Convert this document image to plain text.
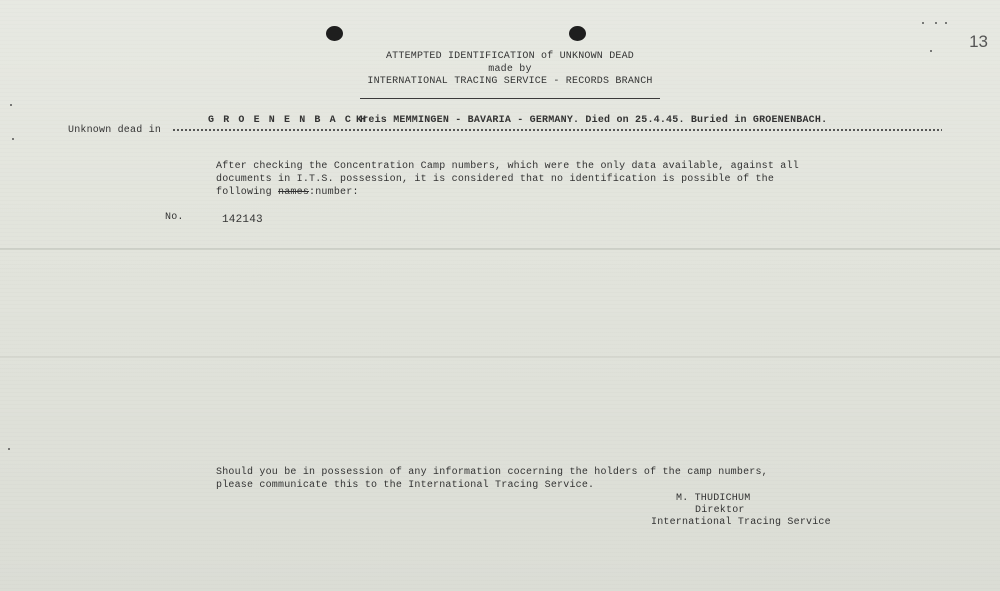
13
ATTEMPTED IDENTIFICATION of UNKNOWN DEAD
made by
INTERNATIONAL TRACING SERVICE - RECORDS BRANCH
Unknown dead in
G R O E N E N B A C H
Kreis MEMMINGEN - BAVARIA - GERMANY. Died on 25.4.45. Buried in GROENENBACH.
After checking the Concentration Camp numbers, which were the only data available, against all
documents in I.T.S. possession, it is considered that no identification is possible of the
following names:number:
No.	142143
Should you be in possession of any information cocerning the holders of the camp numbers,
please communicate this to the International Tracing Service.
M. THUDICHUM
Direktor
International Tracing Service
